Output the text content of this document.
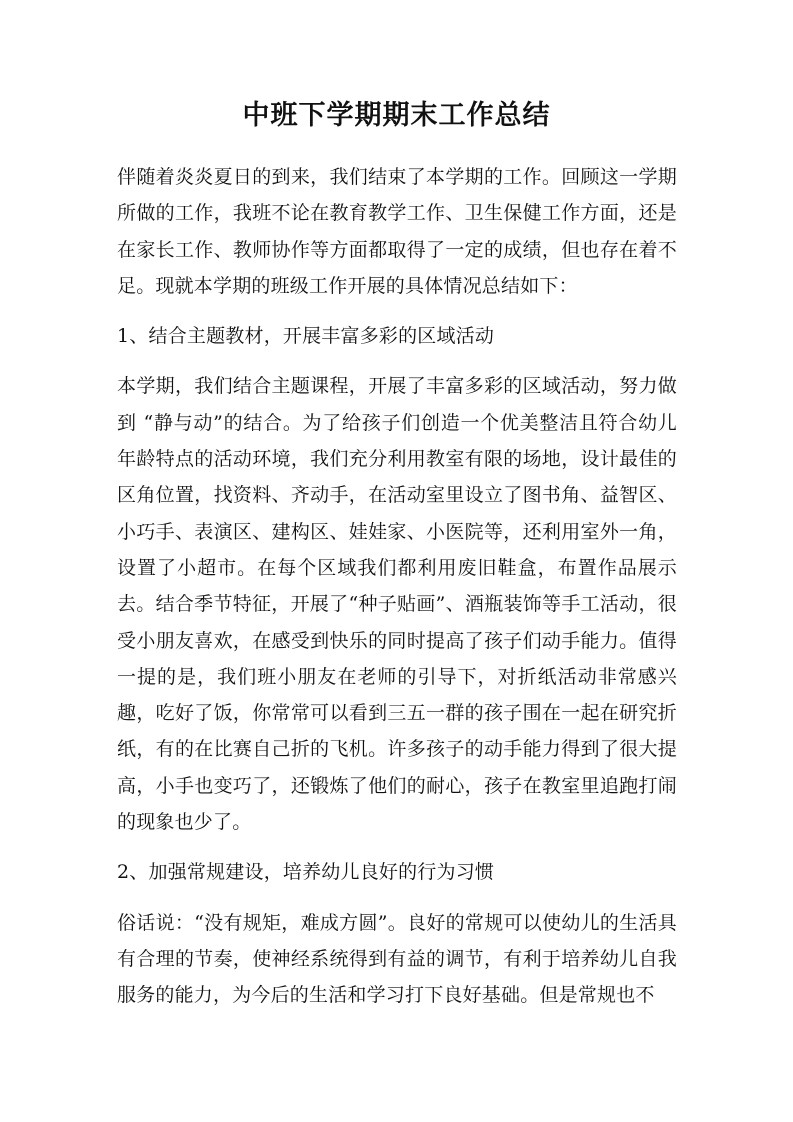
中班下学期期末工作总结

伴随着炎炎夏日的到来，我们结束了本学期的工作。回顾这一学期所做的工作，我班不论在教育教学工作、卫生保健工作方面，还是在家长工作、教师协作等方面都取得了一定的成绩，但也存在着不足。现就本学期的班级工作开展的具体情况总结如下：

1、结合主题教材，开展丰富多彩的区域活动

本学期，我们结合主题课程，开展了丰富多彩的区域活动，努力做到 “静与动”的结合。为了给孩子们创造一个优美整洁且符合幼儿年龄特点的活动环境，我们充分利用教室有限的场地，设计最佳的区角位置，找资料、齐动手，在活动室里设立了图书角、益智区、小巧手、表演区、建构区、娃娃家、小医院等，还利用室外一角，设置了小超市。在每个区域我们都利用废旧鞋盒，布置作品展示去。结合季节特征，开展了“种子贴画”、酒瓶装饰等手工活动，很受小朋友喜欢，在感受到快乐的同时提高了孩子们动手能力。值得一提的是，我们班小朋友在老师的引导下，对折纸活动非常感兴趣，吃好了饭，你常常可以看到三五一群的孩子围在一起在研究折纸，有的在比赛自己折的飞机。许多孩子的动手能力得到了很大提高，小手也变巧了，还锻炼了他们的耐心，孩子在教室里追跑打闹的现象也少了。

2、加强常规建设，培养幼儿良好的行为习惯

俗话说：“没有规矩，难成方圆”。良好的常规可以使幼儿的生活具有合理的节奏，使神经系统得到有益的调节，有利于培养幼儿自我服务的能力，为今后的生活和学习打下良好基础。但是常规也不
